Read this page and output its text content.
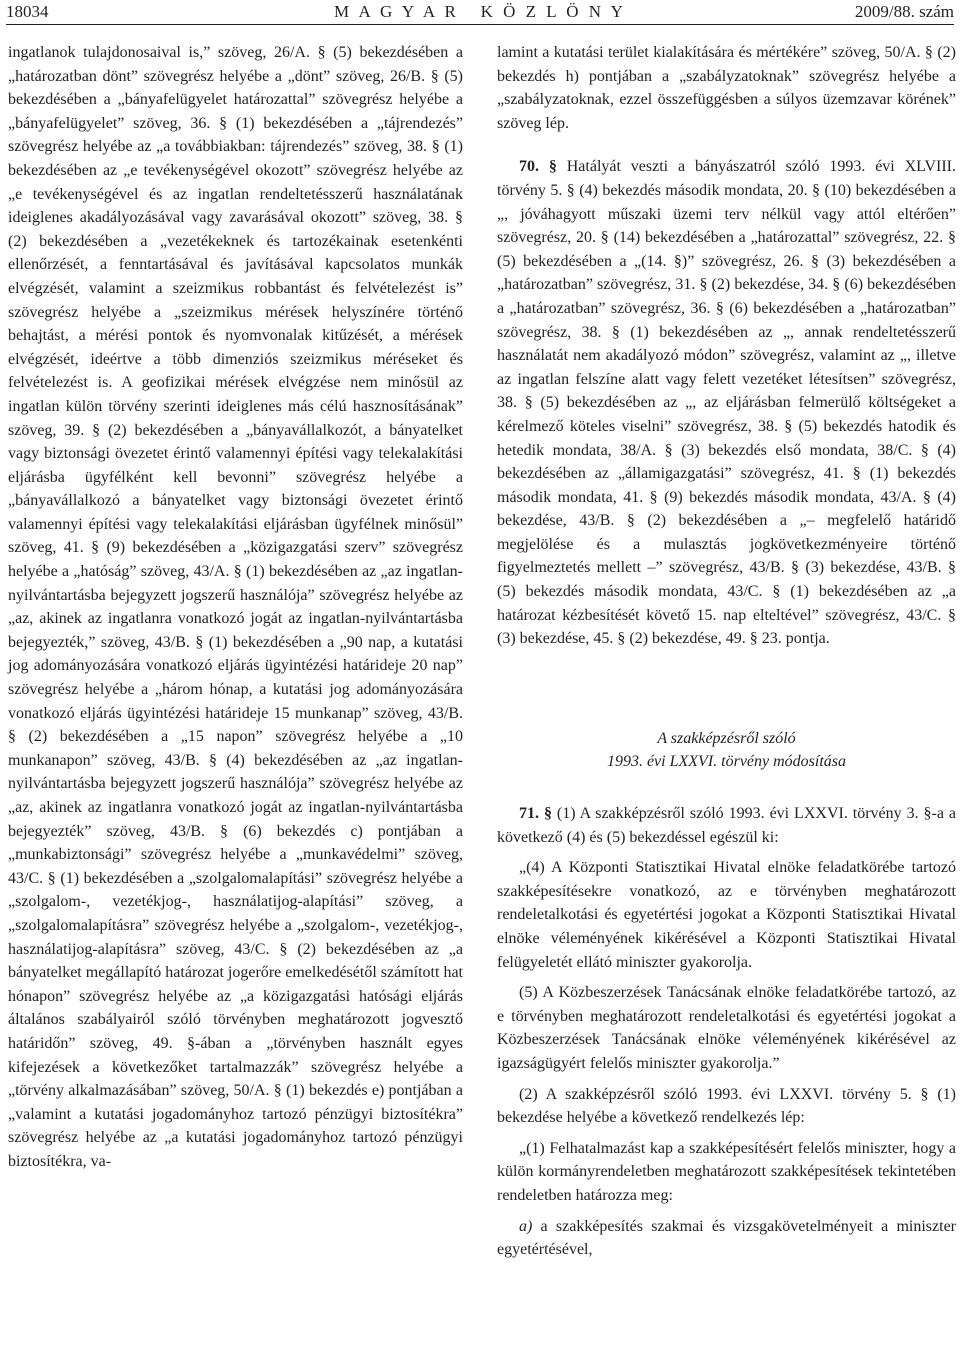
18034	M A G Y A R   K Ö Z L Ö N Y	2009/88. szám

ingatlanok tulajdonosaival is,” szöveg, 26/A. § (5) bekezdésében a „határozatban dönt” szövegrész helyébe a „dönt” szöveg, 26/B. § (5) bekezdésében a „bányafelügyelet határozattal” szövegrész helyébe a „bányafelügyelet” szöveg, 36. § (1) bekezdésében a „tájrendezés” szövegrész helyébe az „a továbbiakban: tájrendezés” szöveg, 38. § (1) bekezdésében az „e tevékenységével okozott” szövegrész helyébe az „e tevékenységével és az ingatlan rendeltetésszerű használatának ideiglenes akadályozásával vagy zavarásával okozott” szöveg, 38. § (2) bekezdésében a „vezetékeknek és tartozékainak esetenkénti ellenőrzését, a fenntartásával és javításával kapcsolatos munkák elvégzését, valamint a szeizmikus robbantást és felvételezést is” szövegrész helyébe a „szeizmikus mérések helyszínére történő behajtást, a mérési pontok és nyomvonalak kitűzését, a mérések elvégzését, ideértve a több dimenziós szeizmikus méréseket és felvételezést is. A geofizikai mérések elvégzése nem minősül az ingatlan külön törvény szerinti ideiglenes más célú hasznosításának” szöveg, 39. § (2) bekezdésében a „bányavállalkozót, a bányatelket vagy biztonsági övezetet érintő valamennyi építési vagy telekalakítási eljárásba ügyfélként kell bevonni” szövegrész helyébe a „bányavállalkozó a bányatelket vagy biztonsági övezetet érintő valamennyi építési vagy telekalakítási eljárásban ügyfélnek minősül” szöveg, 41. § (9) bekezdésében a „közigazgatási szerv” szövegrész helyébe a „hatóság” szöveg, 43/A. § (1) bekezdésében az „az ingatlan-nyilvántartásba bejegyzett jogszerű használója” szövegrész helyébe az „az, akinek az ingatlanra vonatkozó jogát az ingatlan-nyilvántartásba bejegyezték,” szöveg, 43/B. § (1) bekezdésében a „90 nap, a kutatási jog adományozására vonatkozó eljárás ügyintézési határideje 20 nap” szövegrész helyébe a „három hónap, a kutatási jog adományozására vonatkozó eljárás ügyintézési határideje 15 munkanap” szöveg, 43/B. § (2) bekezdésében a „15 napon” szövegrész helyébe a „10 munkanapon” szöveg, 43/B. § (4) bekezdésében az „az ingatlan-nyilvántartásba bejegyzett jogszerű használója” szövegrész helyébe az „az, akinek az ingatlanra vonatkozó jogát az ingatlan-nyilvántartásba bejegyezték” szöveg, 43/B. § (6) bekezdés c) pontjában a „munkabiztonsági” szövegrész helyébe a „munkavédelmi” szöveg, 43/C. § (1) bekezdésében a „szolgalomalapítási” szövegrész helyébe a „szolgalom-, vezetékjog-, használatijog-alapítási” szöveg, a „szolgalomalapításra” szövegrész helyébe a „szolgalom-, vezetékjog-, használatijog-alapításra” szöveg, 43/C. § (2) bekezdésében az „a bányatelket megállapító határozat jogerőre emelkedésétől számított hat hónapon” szövegrész helyébe az „a közigazgatási hatósági eljárás általános szabályairól szóló törvényben meghatározott jogvesztő határidőn” szöveg, 49. §-ában a „törvényben használt egyes kifejezések a következőket tartalmazzák” szövegrész helyébe a „törvény alkalmazásában” szöveg, 50/A. § (1) bekezdés e) pontjában a „valamint a kutatási jogadományhoz tartozó pénzügyi biztosítékra” szövegrész helyébe az „a kutatási jogadományhoz tartozó pénzügyi biztosítékra, va-

lamint a kutatási terület kialakítására és mértékére” szöveg, 50/A. § (2) bekezdés h) pontjában a „szabályzatoknak” szövegrész helyébe a „szabályzatoknak, ezzel összefüggésben a súlyos üzemzavar körének” szöveg lép.

70. § Hatályát veszti a bányászatról szóló 1993. évi XLVIII. törvény 5. § (4) bekezdés második mondata, 20. § (10) bekezdésében a „, jóváhagyott műszaki üzemi terv nélkül vagy attól eltérően” szövegrész, 20. § (14) bekezdésében a „határozattal” szövegrész, 22. § (5) bekezdésében a „(14. §)” szövegrész, 26. § (3) bekezdésében a „határozatban” szövegrész, 31. § (2) bekezdése, 34. § (6) bekezdésében a „határozatban” szövegrész, 36. § (6) bekezdésében a „határozatban” szövegrész, 38. § (1) bekezdésében az „, annak rendeltetésszerű használatát nem akadályozó módon” szövegrész, valamint az „, illetve az ingatlan felszíne alatt vagy felett vezetéket létesítsen” szövegrész, 38. § (5) bekezdésében az „, az eljárásban felmerülő költségeket a kérelmező köteles viselni” szövegrész, 38. § (5) bekezdés hatodik és hetedik mondata, 38/A. § (3) bekezdés első mondata, 38/C. § (4) bekezdésében az „államigazgatási” szövegrész, 41. § (1) bekezdés második mondata, 41. § (9) bekezdés második mondata, 43/A. § (4) bekezdése, 43/B. § (2) bekezdésében a „– megfelelő határidő megjelölése és a mulasztás jogkövetkezményeire történő figyelmeztetés mellett –” szövegrész, 43/B. § (3) bekezdése, 43/B. § (5) bekezdés második mondata, 43/C. § (1) bekezdésében az „a határozat kézbesítését követő 15. nap elteltével” szövegrész, 43/C. § (3) bekezdése, 45. § (2) bekezdése, 49. § 23. pontja.

A szakképzésről szóló

1993. évi LXXVI. törvény módosítása

71. § (1) A szakképzésről szóló 1993. évi LXXVI. törvény 3. §-a a következő (4) és (5) bekezdéssel egészül ki:

„(4) A Központi Statisztikai Hivatal elnöke feladatkörébe tartozó szakképesítésekre vonatkozó, az e törvényben meghatározott rendeletalkotási és egyetértési jogokat a Központi Statisztikai Hivatal elnöke véleményének kikérésével a Központi Statisztikai Hivatal felügyeletét ellátó miniszter gyakorolja.

(5) A Közbeszerzések Tanácsának elnöke feladatkörébe tartozó, az e törvényben meghatározott rendeletalkotási és egyetértési jogokat a Közbeszerzések Tanácsának elnöke véleményének kikérésével az igazságügyért felelős miniszter gyakorolja.”

(2) A szakképzésről szóló 1993. évi LXXVI. törvény 5. § (1) bekezdése helyébe a következő rendelkezés lép:

„(1) Felhatalmazást kap a szakképesítésért felelős miniszter, hogy a külön kormányrendeletben meghatározott szakképesítések tekintetében rendeletben határozza meg:

a) a szakképesítés szakmai és vizsgakövetelményeit a miniszter egyetértésével,
